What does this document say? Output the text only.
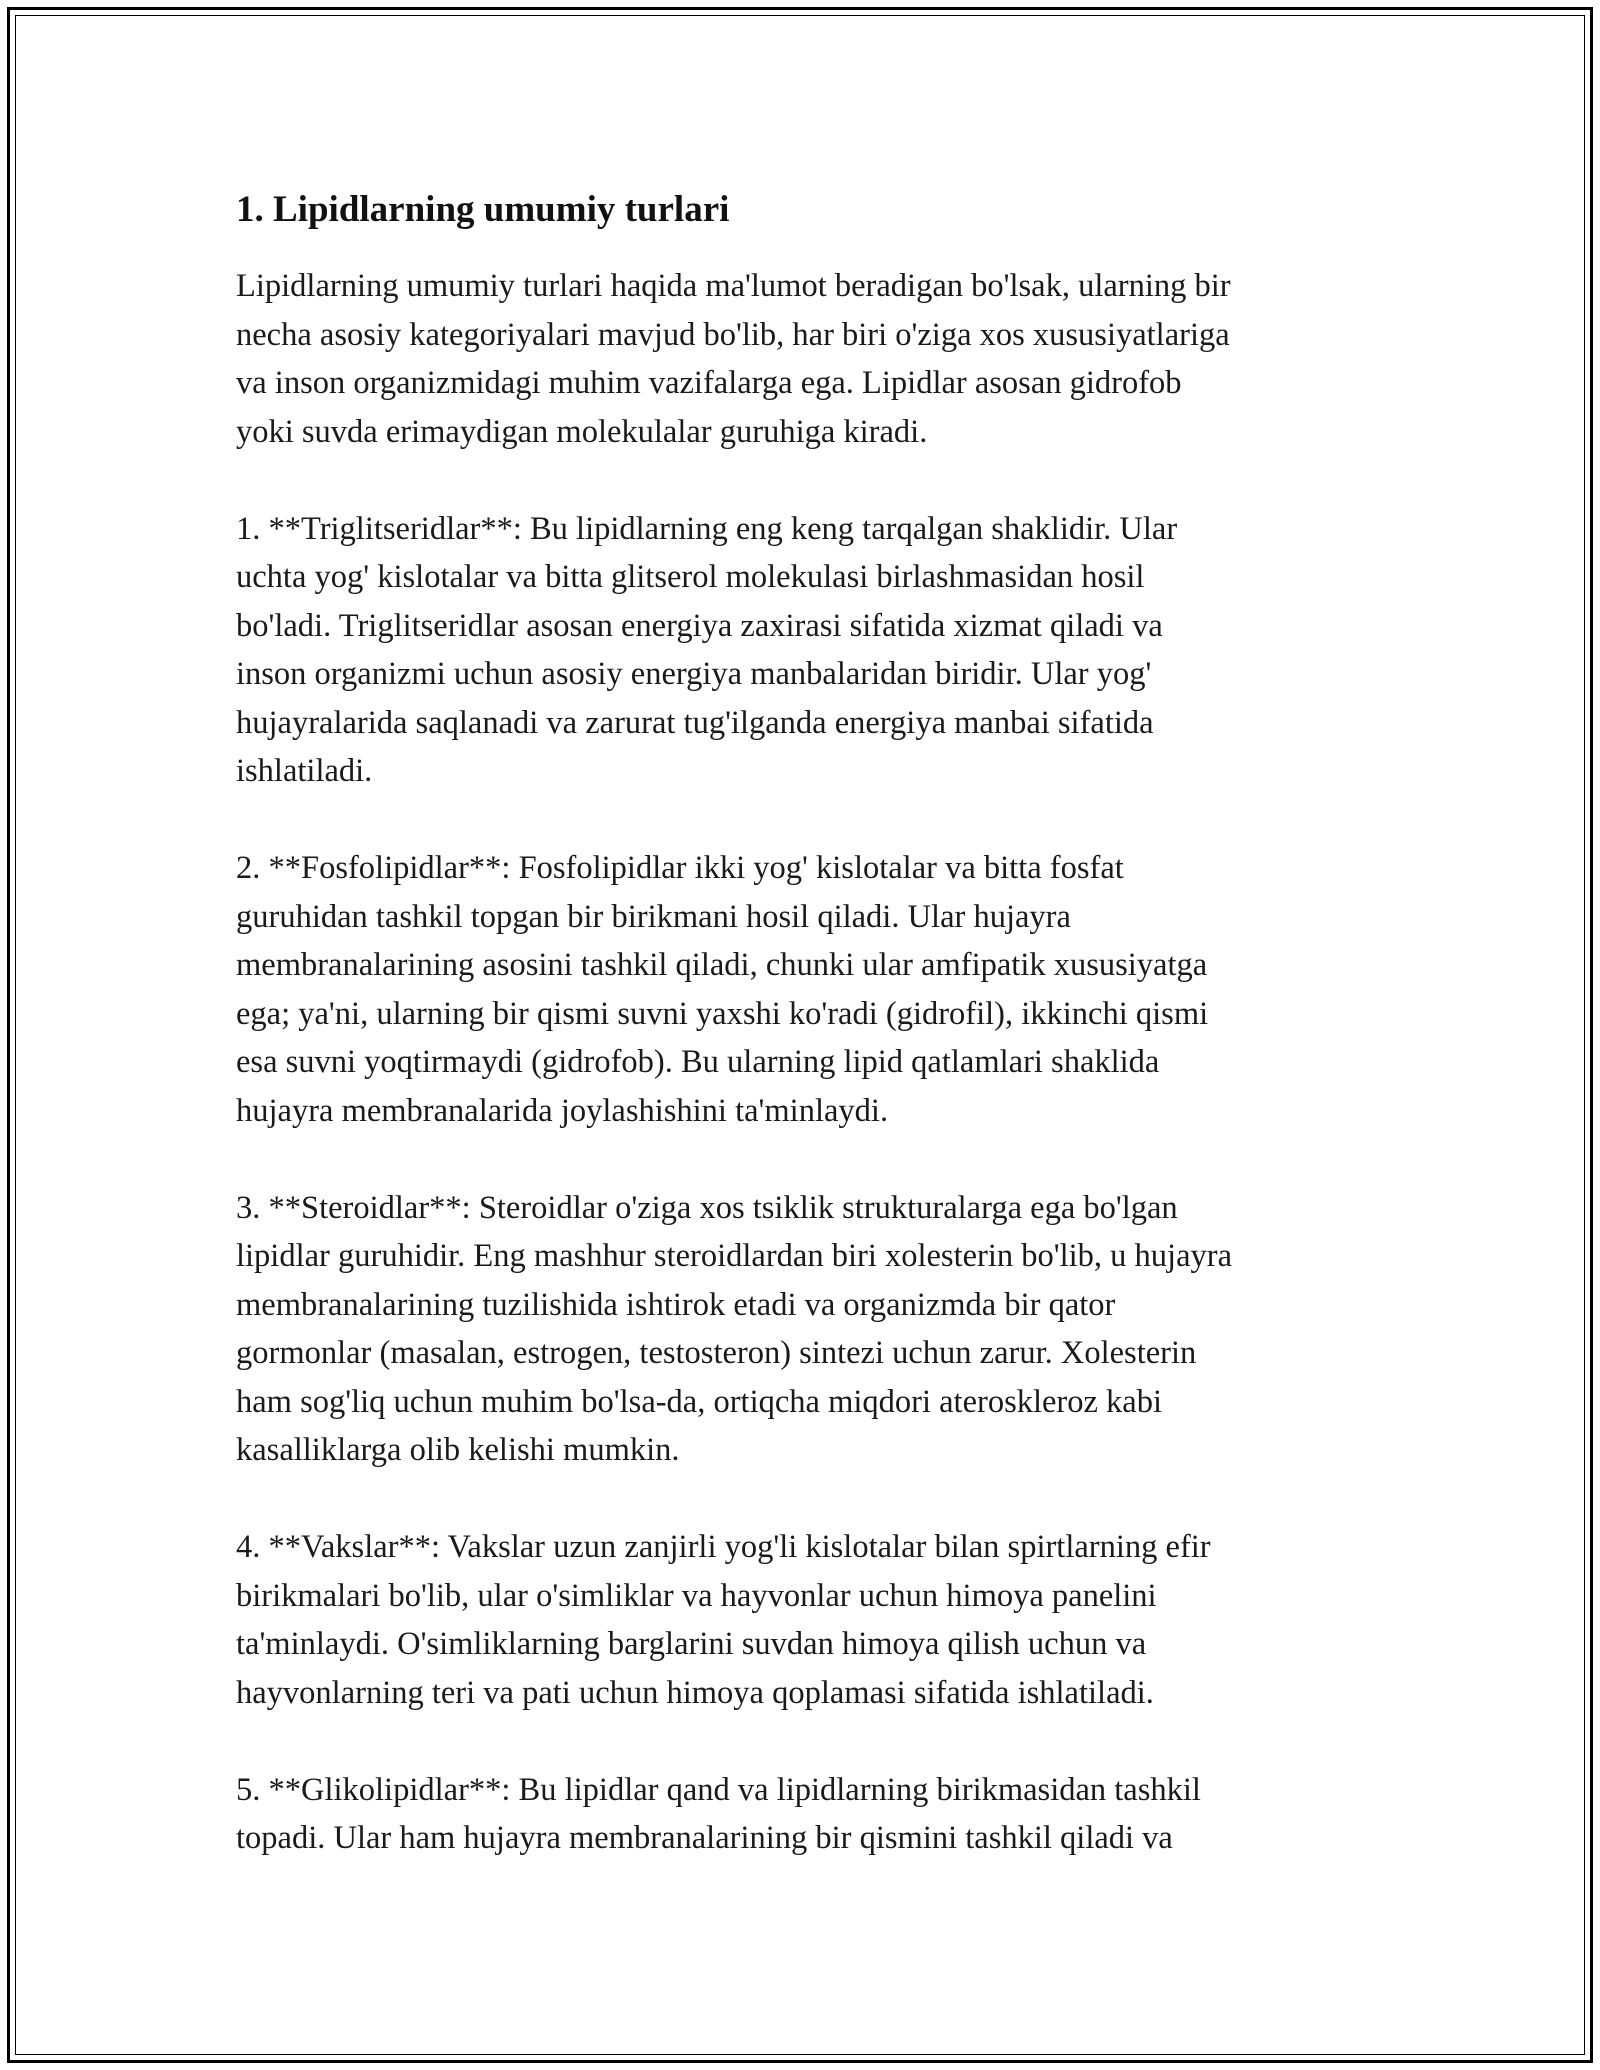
1. Lipidlarning umumiy turlari
Lipidlarning umumiy turlari haqida ma'lumot beradigan bo'lsak, ularning bir
necha asosiy kategoriyalari mavjud bo'lib, har biri o'ziga xos xususiyatlariga
va inson organizmidagi muhim vazifalarga ega. Lipidlar asosan gidrofob
yoki suvda erimaydigan molekulalar guruhiga kiradi.
1. **Triglitseridlar**: Bu lipidlarning eng keng tarqalgan shaklidir. Ular
uchta yog' kislotalar va bitta glitserol molekulasi birlashmasidan hosil
bo'ladi. Triglitseridlar asosan energiya zaxirasi sifatida xizmat qiladi va
inson organizmi uchun asosiy energiya manbalaridan biridir. Ular yog'
hujayralarida saqlanadi va zarurat tug'ilganda energiya manbai sifatida
ishlatiladi.
2. **Fosfolipidlar**: Fosfolipidlar ikki yog' kislotalar va bitta fosfat
guruhidan tashkil topgan bir birikmani hosil qiladi. Ular hujayra
membranalarining asosini tashkil qiladi, chunki ular amfipatik xususiyatga
ega; ya'ni, ularning bir qismi suvni yaxshi ko'radi (gidrofil), ikkinchi qismi
esa suvni yoqtirmaydi (gidrofob). Bu ularning lipid qatlamlari shaklida
hujayra membranalarida joylashishini ta'minlaydi.
3. **Steroidlar**: Steroidlar o'ziga xos tsiklik strukturalarga ega bo'lgan
lipidlar guruhidir. Eng mashhur steroidlardan biri xolesterin bo'lib, u hujayra
membranalarining tuzilishida ishtirok etadi va organizmda bir qator
gormonlar (masalan, estrogen, testosteron) sintezi uchun zarur. Xolesterin
ham sog'liq uchun muhim bo'lsa-da, ortiqcha miqdori ateroskleroz kabi
kasalliklarga olib kelishi mumkin.
4. **Vakslar**: Vakslar uzun zanjirli yog'li kislotalar bilan spirtlarning efir
birikmalari bo'lib, ular o'simliklar va hayvonlar uchun himoya panelini
ta'minlaydi. O'simliklarning barglarini suvdan himoya qilish uchun va
hayvonlarning teri va pati uchun himoya qoplamasi sifatida ishlatiladi.
5. **Glikolipidlar**: Bu lipidlar qand va lipidlarning birikmasidan tashkil
topadi. Ular ham hujayra membranalarining bir qismini tashkil qiladi va
